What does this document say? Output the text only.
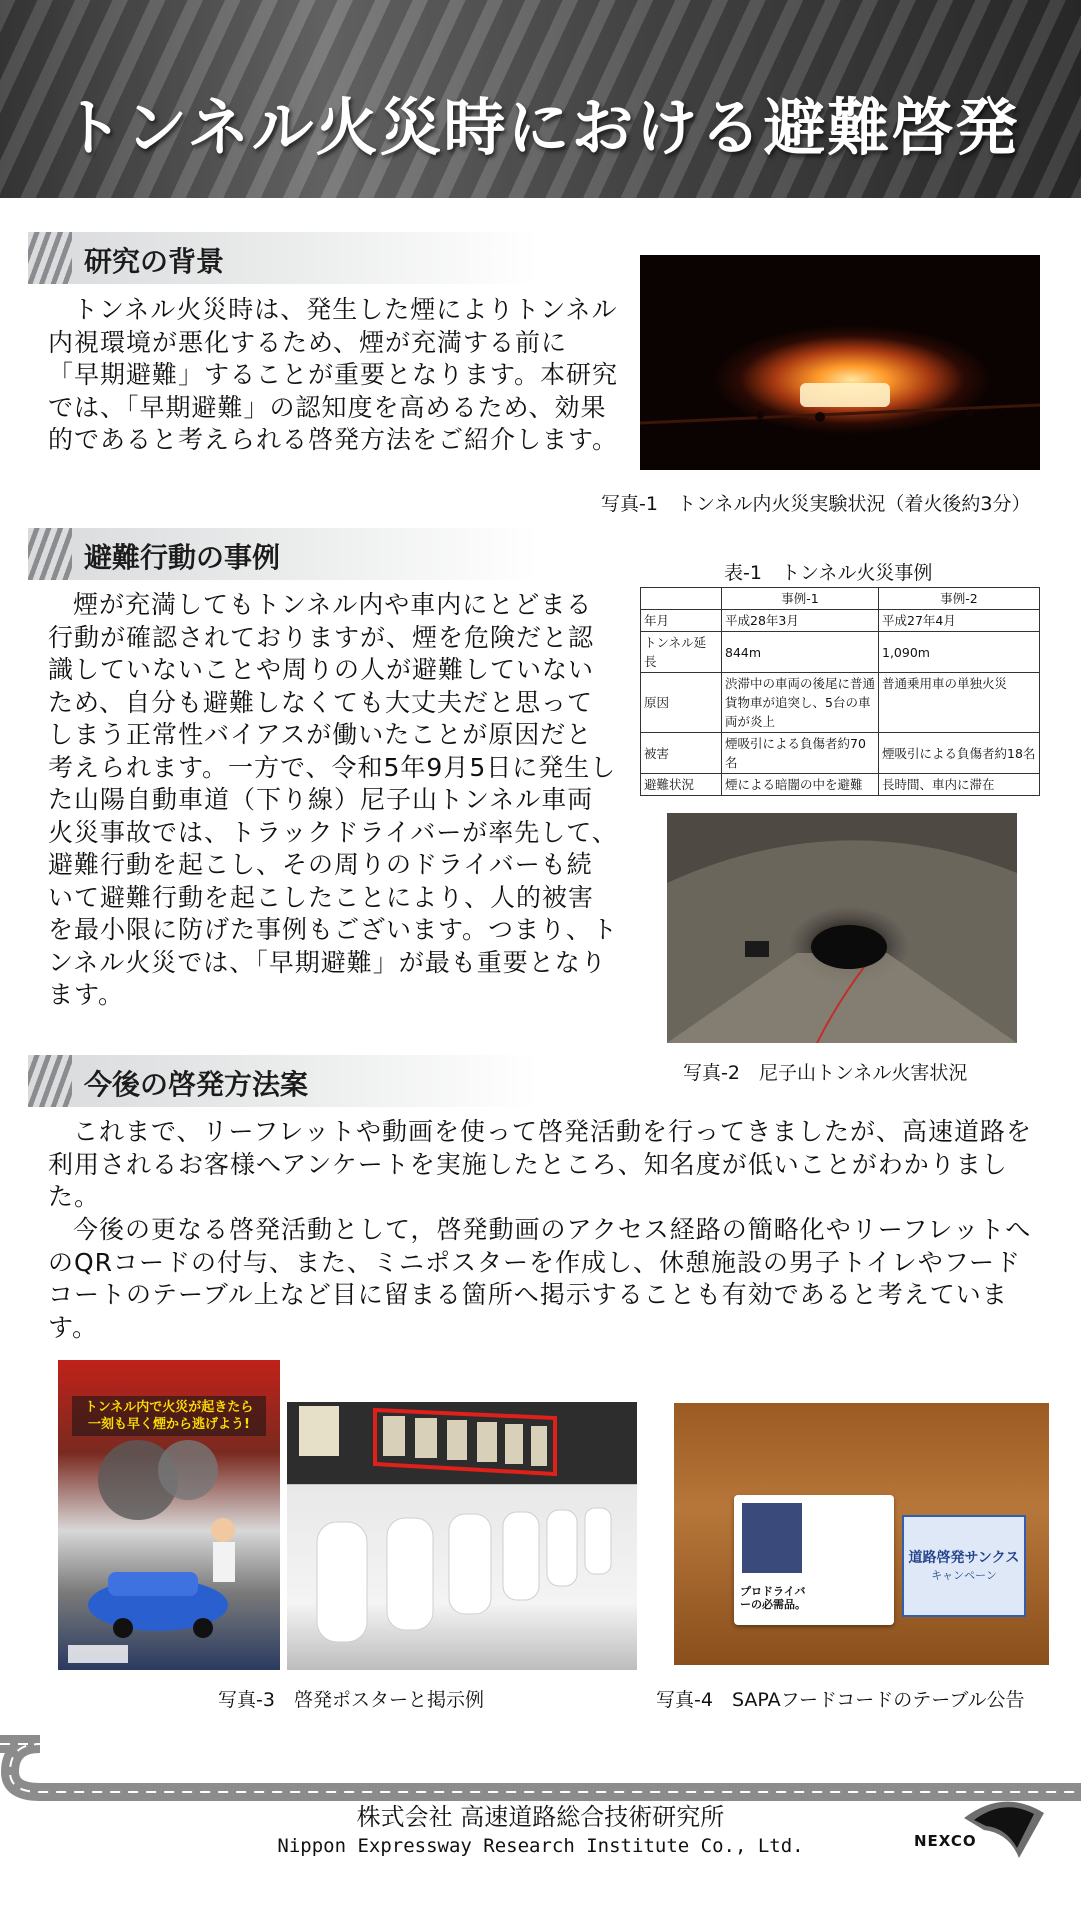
トンネル火災時における避難啓発
研究の背景

トンネル火災時は、発生した煙によりトンネル内視環境が悪化するため、煙が充満する前に「早期避難」することが重要となります。本研究では、「早期避難」の認知度を高めるため、効果的であると考えられる啓発方法をご紹介します。

写真-1　トンネル内火災実験状況（着火後約3分）
避難行動の事例

煙が充満してもトンネル内や車内にとどまる行動が確認されておりますが、煙を危険だと認識していないことや周りの人が避難していないため、自分も避難しなくても大丈夫だと思ってしまう正常性バイアスが働いたことが原因だと考えられます。一方で、令和5年9月5日に発生した山陽自動車道（下り線）尼子山トンネル車両火災事故では、トラックドライバーが率先して、避難行動を起こし、その周りのドライバーも続いて避難行動を起こしたことにより、人的被害を最小限に防げた事例もございます。つまり、トンネル火災では、「早期避難」が最も重要となります。

表-1　トンネル火災事例
	事例-1	事例-2
年月	平成28年3月	平成27年4月
トンネル延長	844m	1,090m
原因	渋滞中の車両の後尾に普通貨物車が追突し、5台の車両が炎上	普通乗用車の単独火災
被害	煙吸引による負傷者約70名	煙吸引による負傷者約18名
避難状況	煙による暗闇の中を避難	長時間、車内に滞在
写真-2　尼子山トンネル火害状況
今後の啓発方法案

これまで、リーフレットや動画を使って啓発活動を行ってきましたが、高速道路を利用されるお客様へアンケートを実施したところ、知名度が低いことがわかりました。

今後の更なる啓発活動として，啓発動画のアクセス経路の簡略化やリーフレットへのQRコードの付与、また、ミニポスターを作成し、休憩施設の男子トイレやフードコートのテーブル上など目に留まる箇所へ掲示することも有効であると考えています。

トンネル内で火災が起きたら
一刻も早く煙から逃げよう!
写真-3　啓発ポスターと掲示例
プロドライバーの必需品。
道路啓発サンクス
キャンペーン
写真-4　SAPAフードコードのテーブル公告
株式会社 高速道路総合技術研究所
Nippon Expressway Research Institute Co., Ltd.	NEXCO
